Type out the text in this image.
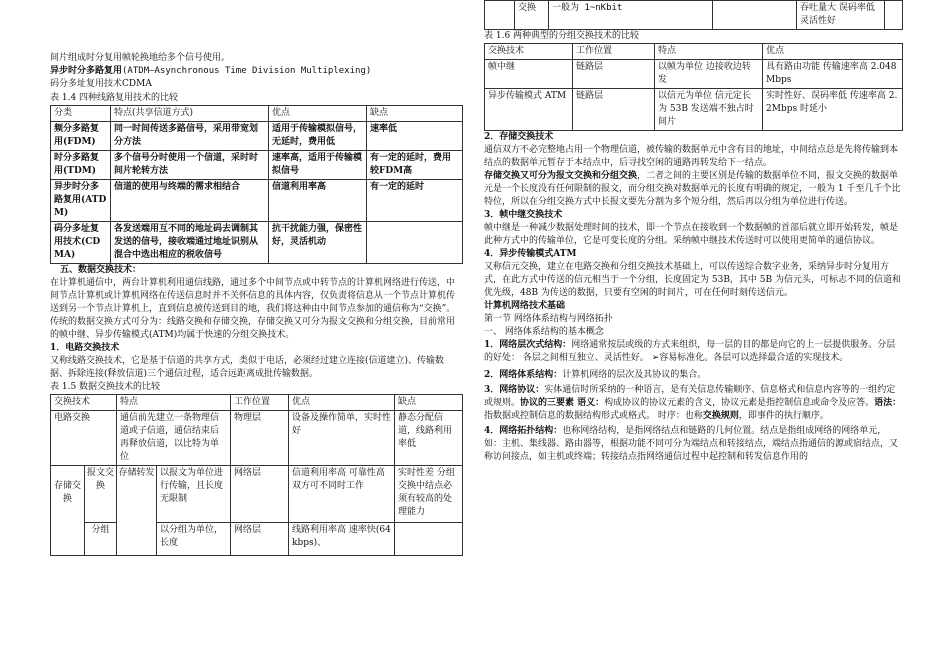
间片组成时分复用帧轮换地给多个信号使用。

异步时分多路复用(ATDM—Asynchronous Time Division Multiplexing)

码分多址复用技术CDMA

表 1.4 四种线路复用技术的比较

分类	特点(共享信道方式)	优点	缺点
频分多路复用(FDM)	同一时间传送多路信号，采用带宽划分方法	适用于传输模拟信号，无延时，费用低	速率低
时分多路复用(TDM)	多个信号分时使用一个信道，采时时间片轮转方法	速率高，适用于传输模拟信号	有一定的延时，费用较FDM高
异步时分多路复用(ATDM)	信道的使用与终端的需求相结合	信道利用率高	有一定的延时
码分多址复用技术(CDMA)	各发送端用互不同的地址码去调制其发送的信号，接收端通过地址识别从混合中选出相应的税收信号	抗干扰能力强，保密性好，灵活机动	

五、数据交换技术：

在计算机通信中，两台计算机利用通信线路，通过多个中间节点或中转节点的计算机网络进行传送，中间节点计算机或计算机网络在传送信息时并不关怀信息的具体内容，仅负责将信息从一个节点计算机传送到另一个节点计算机上，直到信息被传送到目的地，我们将这种由中间节点参加的通信称为“交换”。

传统的数据交换方式可分为：线路交换和存储交换，存储交换又可分为报文交换和分组交换，目前常用的帧中继、异步传输模式(ATM)均属于快速的分组交换技术。

1．电路交换技术

又称线路交换技术，它是基于信道的共享方式，类似于电话，必须经过建立连接(信道建立)、传输数据、拆除连接(释放信道)三个通信过程，适合远距离成批传输数据。

表 1.5 数据交换技术的比较

交换技术		特点		工作位置	优点	缺点
电路交换		通信前先建立一条物理信道或子信道，通信结束后再释放信道，以比特为单位		物理层	设备及操作简单，实时性好	静态分配信道，线路利用率低
存储交换	报文交换	存储转发	以报文为单位进行传输，且长度无限制	网络层	信道利用率高 可靠性高 双方可不同时工作	实时性差 分组交换中结点必须有较高的处理能力
	分组		以分组为单位，长度	网络层	线路利用率高 速率快(64kbps)、	
	交换	一般为 1~nKbit		吞吐量大 误码率低 灵活性好	

表 1.6 两种典型的分组交换技术的比较

交换技术	工作位置	特点	优点
帧中继	链路层	以帧为单位 边接收边转发	具有路由功能 传输速率高 2.048Mbps
异步传输模式 ATM	链路层	以信元为单位 信元定长为 53B 发送端不独占时间片	实时性好、误码率低 传速率高 2.2Mbps 时延小

2．存储交换技术

通信双方不必完整地占用一个物理信道，被传输的数据单元中含有目的地址，中间结点总是先将传输到本结点的数据单元暂存于本结点中，后寻找空闲的通路再转发给下一结点。

存储交换又可分为报文交换和分组交换，二者之间的主要区别是传输的数据单位不同，报文交换的数据单元是一个长度没有任何限制的报文，而分组交换对数据单元的长度有明确的规定，一般为 1 千至几千个比特位，所以在分组交换方式中长报文要先分割为多个短分组，然后再以分组为单位进行传送。

3．帧中继交换技术

帧中继是一种减少数据处理时间的技术，即一个节点在接收到一个数据帧的首部后就立即开始转发，帧是此种方式中的传输单位，它是可变长度的分组。采纳帧中继技术传送时可以使用更简单的通信协议。

4．异步传输模式ATM

又称信元交换，建立在电路交换和分组交换技术基础上，可以传送综合数字业务，采纳异步时分复用方式，在此方式中传送的信元相当于一个分组，长度固定为 53B，其中 5B 为信元头，可标志不同的信道和优先级，48B 为传送的数据，只要有空闲的时间片，可在任何时刻传送信元。

计算机网络技术基础

第一节 网络体系结构与网络拓扑

一、 网络体系结构的基本概念

1．网络层次式结构：网络通常按层或级的方式来组织，每一层的目的都是向它的上一层提供服务。分层的好处： 各层之间相互独立、灵活性好。 ➢容易标准化。各层可以选择最合适的实现技术。

2．网络体系结构：计算机网络的层次及其协议的集合。

3．网络协议：实体通信时所采纳的一种语言，是有关信息传输顺序、信息格式和信息内容等的一组约定或规则。协议的三要素 语义：构成协议的协议元素的含义，协议元素是指控制信息或命令及应答。语法：指数据或控制信息的数据结构形式或格式。 时序：也称交换规则，即事件的执行顺序。

4．网络拓扑结构：也称网络结构，是指网络结点和链路的几何位置。结点是指组成网络的网络单元，如：主机、集线器、路由器等，根据功能不同可分为端结点和转接结点，端结点指通信的源或宿结点，又称访问接点，如主机或终端；转接结点指网络通信过程中起控制和转发信息作用的
